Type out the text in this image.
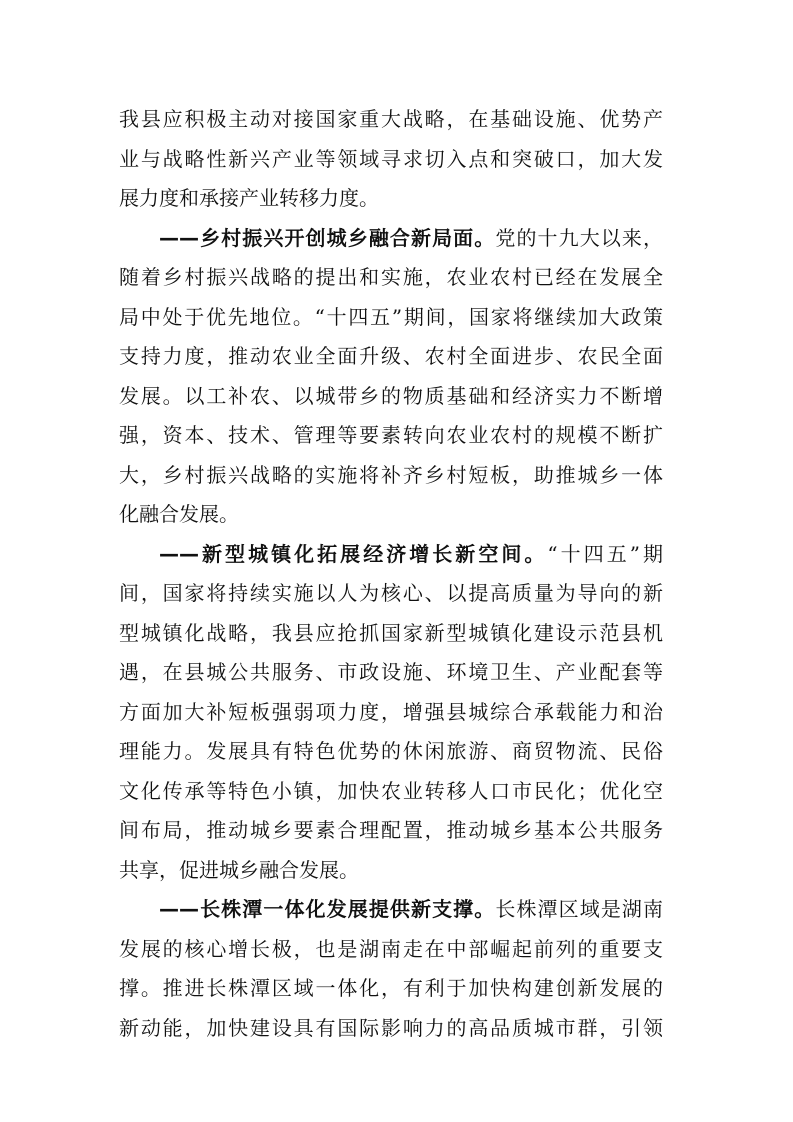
我县应积极主动对接国家重大战略，在基础设施、优势产
业与战略性新兴产业等领域寻求切入点和突破口，加大发
展力度和承接产业转移力度。
——乡村振兴开创城乡融合新局面。党的十九大以来，
随着乡村振兴战略的提出和实施，农业农村已经在发展全
局中处于优先地位。“十四五”期间，国家将继续加大政策
支持力度，推动农业全面升级、农村全面进步、农民全面
发展。以工补农、以城带乡的物质基础和经济实力不断增
强，资本、技术、管理等要素转向农业农村的规模不断扩
大，乡村振兴战略的实施将补齐乡村短板，助推城乡一体
化融合发展。
——新型城镇化拓展经济增长新空间。“十四五”期
间，国家将持续实施以人为核心、以提高质量为导向的新
型城镇化战略，我县应抢抓国家新型城镇化建设示范县机
遇，在县城公共服务、市政设施、环境卫生、产业配套等
方面加大补短板强弱项力度，增强县城综合承载能力和治
理能力。发展具有特色优势的休闲旅游、商贸物流、民俗
文化传承等特色小镇，加快农业转移人口市民化；优化空
间布局，推动城乡要素合理配置，推动城乡基本公共服务
共享，促进城乡融合发展。
——长株潭一体化发展提供新支撑。长株潭区域是湖南
发展的核心增长极，也是湖南走在中部崛起前列的重要支
撑。推进长株潭区域一体化，有利于加快构建创新发展的
新动能，加快建设具有国际影响力的高品质城市群，引领
